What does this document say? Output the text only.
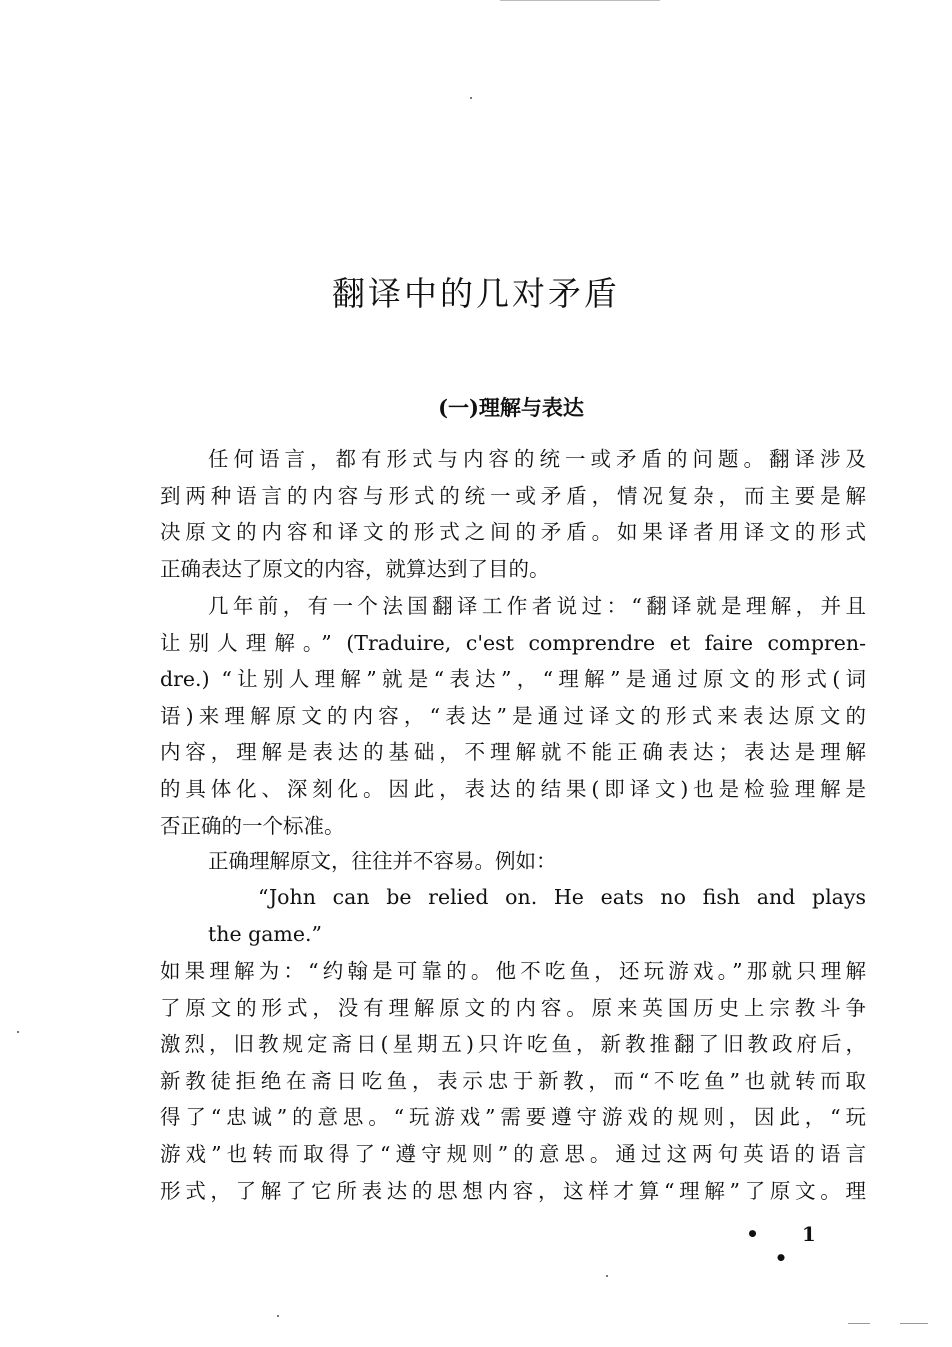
翻译中的几对矛盾
(一)理解与表达
任何语言，都有形式与内容的统一或矛盾的问题。翻译涉及
到两种语言的内容与形式的统一或矛盾，情况复杂，而主要是解
决原文的内容和译文的形式之间的矛盾。如果译者用译文的形式
正确表达了原文的内容，就算达到了目的。
几年前，有一个法国翻译工作者说过：“翻译就是理解，并且
让别人理解。” (Traduire, c'est comprendre et faire compren-
dre.) “让别人理解”就是“表达”，“理解”是通过原文的形式(词
语)来理解原文的内容，“表达”是通过译文的形式来表达原文的
内容，理解是表达的基础，不理解就不能正确表达；表达是理解
的具体化、深刻化。因此，表达的结果(即译文)也是检验理解是
否正确的一个标准。
正确理解原文，往往并不容易。例如：
“John can be relied on. He eats no fish and plays
the game.”
如果理解为：“约翰是可靠的。他不吃鱼，还玩游戏。”那就只理解
了原文的形式，没有理解原文的内容。原来英国历史上宗教斗争
激烈，旧教规定斋日(星期五)只许吃鱼，新教推翻了旧教政府后，
新教徒拒绝在斋日吃鱼，表示忠于新教，而“不吃鱼”也就转而取
得了“忠诚”的意思。“玩游戏”需要遵守游戏的规则，因此，“玩
游戏”也转而取得了“遵守规则”的意思。通过这两句英语的语言
形式，了解了它所表达的思想内容，这样才算“理解”了原文。理
• 1 •
